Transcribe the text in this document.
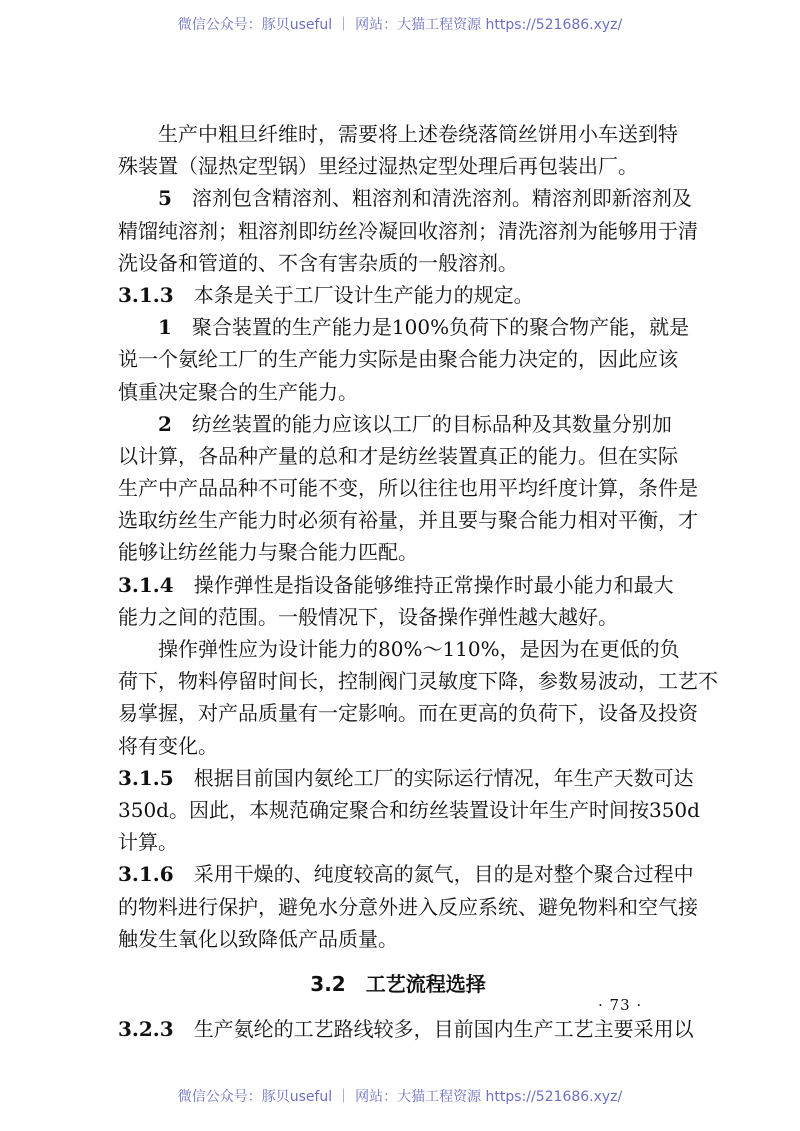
微信公众号：豚贝useful ｜ 网站：大猫工程资源 https://521686.xyz/
生产中粗旦纤维时，需要将上述卷绕落筒丝饼用小车送到特
殊装置（湿热定型锅）里经过湿热定型处理后再包装出厂。
5　 溶剂包含精溶剂、粗溶剂和清洗溶剂。精溶剂即新溶剂及
精馏纯溶剂；粗溶剂即纺丝冷凝回收溶剂；清洗溶剂为能够用于清
洗设备和管道的、不含有害杂质的一般溶剂。
3.1.3　 本条是关于工厂设计生产能力的规定。
1　 聚合装置的生产能力是100%负荷下的聚合物产能，就是
说一个氨纶工厂的生产能力实际是由聚合能力决定的，因此应该
慎重决定聚合的生产能力。
2　 纺丝装置的能力应该以工厂的目标品种及其数量分别加
以计算，各品种产量的总和才是纺丝装置真正的能力。但在实际
生产中产品品种不可能不变，所以往往也用平均纤度计算，条件是
选取纺丝生产能力时必须有裕量，并且要与聚合能力相对平衡，才
能够让纺丝能力与聚合能力匹配。
3.1.4　 操作弹性是指设备能够维持正常操作时最小能力和最大
能力之间的范围。一般情况下，设备操作弹性越大越好。
操作弹性应为设计能力的80%～110%，是因为在更低的负
荷下，物料停留时间长，控制阀门灵敏度下降，参数易波动，工艺不
易掌握，对产品质量有一定影响。而在更高的负荷下，设备及投资
将有变化。
3.1.5　 根据目前国内氨纶工厂的实际运行情况，年生产天数可达
350d。因此，本规范确定聚合和纺丝装置设计年生产时间按350d
计算。
3.1.6　 采用干燥的、纯度较高的氮气，目的是对整个聚合过程中
的物料进行保护，避免水分意外进入反应系统、避免物料和空气接
触发生氧化以致降低产品质量。
3.2　工艺流程选择
3.2.3　 生产氨纶的工艺路线较多，目前国内生产工艺主要采用以
· 73 ·
微信公众号：豚贝useful ｜ 网站：大猫工程资源 https://521686.xyz/
